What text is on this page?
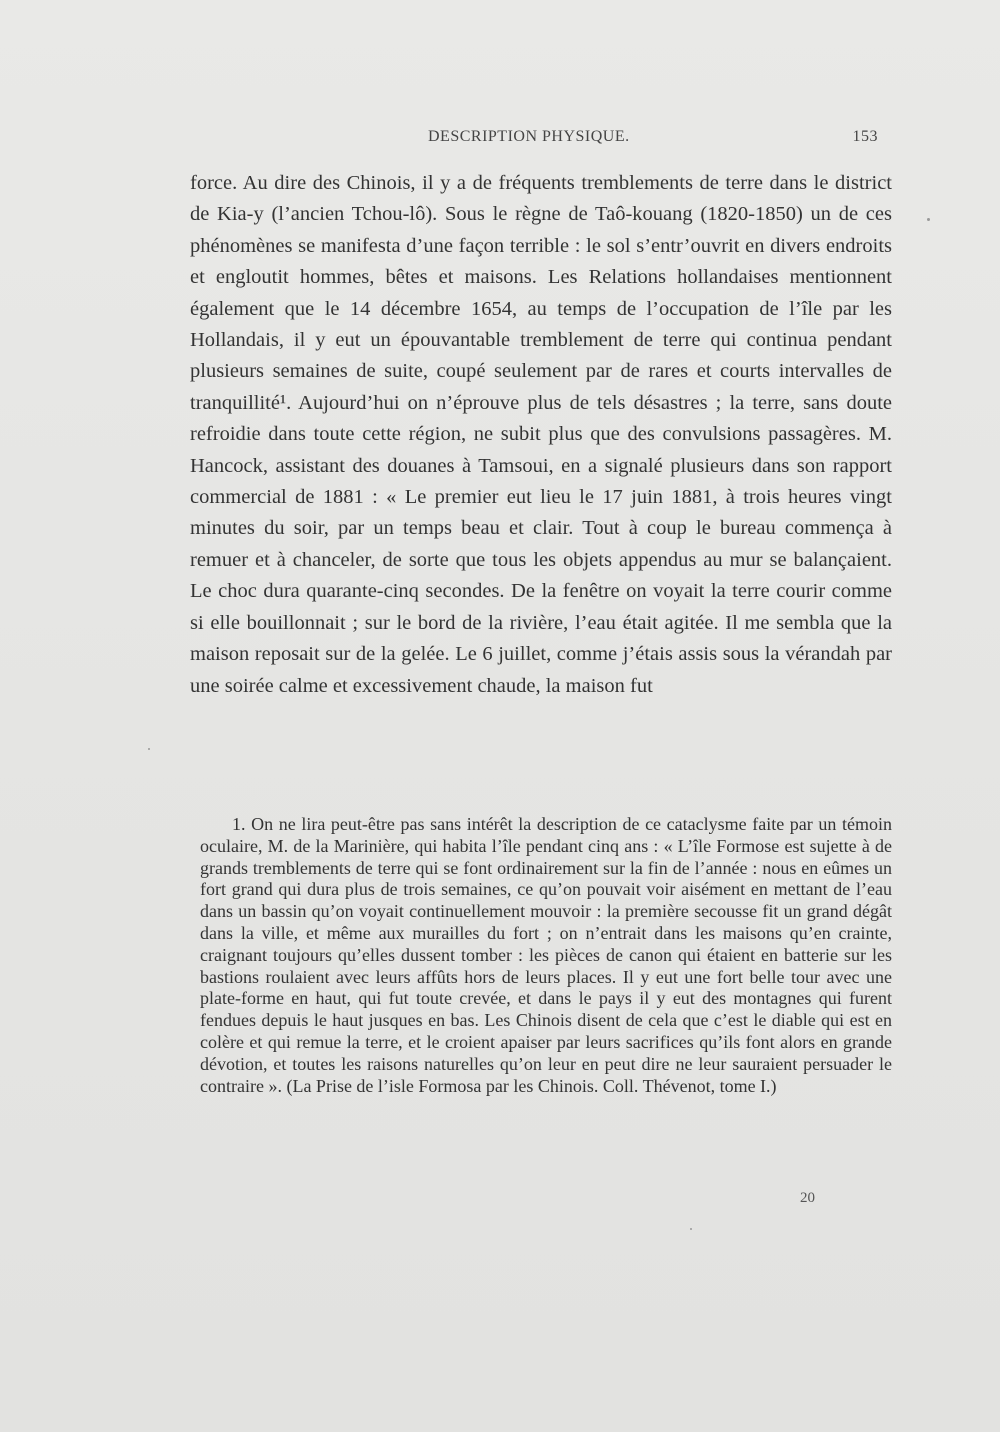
DESCRIPTION PHYSIQUE.	153

force. Au dire des Chinois, il y a de fréquents tremblements de terre dans le district de Kia-y (l’ancien Tchou-lô). Sous le règne de Taô-kouang (1820-1850) un de ces phénomènes se manifesta d’une façon terrible : le sol s’entr’ouvrit en divers endroits et engloutit hommes, bêtes et maisons. Les Relations hollandaises mentionnent également que le 14 décembre 1654, au temps de l’occupation de l’île par les Hollandais, il y eut un épouvantable tremblement de terre qui continua pendant plusieurs semaines de suite, coupé seulement par de rares et courts intervalles de tranquillité¹. Aujourd’hui on n’éprouve plus de tels désastres ; la terre, sans doute refroidie dans toute cette région, ne subit plus que des convulsions passagères. M. Hancock, assistant des douanes à Tamsoui, en a signalé plusieurs dans son rapport commercial de 1881 : « Le premier eut lieu le 17 juin 1881, à trois heures vingt minutes du soir, par un temps beau et clair. Tout à coup le bureau commença à remuer et à chanceler, de sorte que tous les objets appendus au mur se balançaient. Le choc dura quarante-cinq secondes. De la fenêtre on voyait la terre courir comme si elle bouillonnait ; sur le bord de la rivière, l’eau était agitée. Il me sembla que la maison reposait sur de la gelée. Le 6 juillet, comme j’étais assis sous la vérandah par une soirée calme et excessivement chaude, la maison fut

1. On ne lira peut-être pas sans intérêt la description de ce cataclysme faite par un témoin oculaire, M. de la Marinière, qui habita l’île pendant cinq ans : « L’île Formose est sujette à de grands tremblements de terre qui se font ordinairement sur la fin de l’année : nous en eûmes un fort grand qui dura plus de trois semaines, ce qu’on pouvait voir aisément en mettant de l’eau dans un bassin qu’on voyait continuellement mouvoir : la première secousse fit un grand dégât dans la ville, et même aux murailles du fort ; on n’entrait dans les maisons qu’en crainte, craignant toujours qu’elles dussent tomber : les pièces de canon qui étaient en batterie sur les bastions roulaient avec leurs affûts hors de leurs places. Il y eut une fort belle tour avec une plate-forme en haut, qui fut toute crevée, et dans le pays il y eut des montagnes qui furent fendues depuis le haut jusques en bas. Les Chinois disent de cela que c’est le diable qui est en colère et qui remue la terre, et le croient apaiser par leurs sacrifices qu’ils font alors en grande dévotion, et toutes les raisons naturelles qu’on leur en peut dire ne leur sauraient persuader le contraire ». (La Prise de l’isle Formosa par les Chinois. Coll. Thévenot, tome I.)

20
